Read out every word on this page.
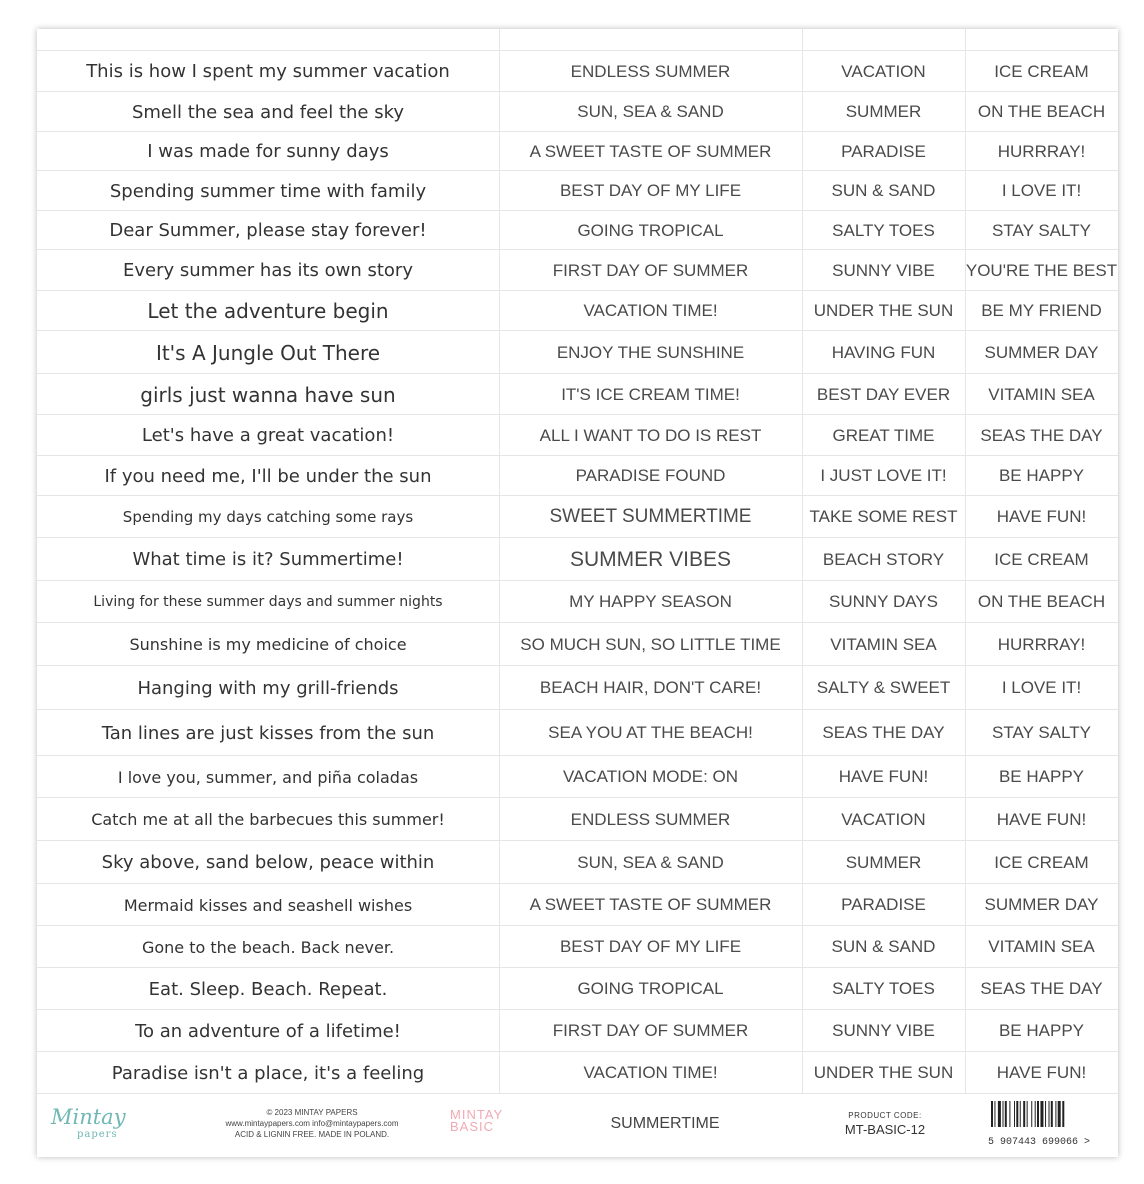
This is how I spent my summer vacation	ENDLESS SUMMER	VACATION	ICE CREAM
Smell the sea and feel the sky	SUN, SEA & SAND	SUMMER	ON THE BEACH
I was made for sunny days	A SWEET TASTE OF SUMMER	PARADISE	HURRRAY!
Spending summer time with family	BEST DAY OF MY LIFE	SUN & SAND	I LOVE IT!
Dear Summer, please stay forever!	GOING TROPICAL	SALTY TOES	STAY SALTY
Every summer has its own story	FIRST DAY OF SUMMER	SUNNY VIBE	YOU'RE THE BEST
Let the adventure begin	VACATION TIME!	UNDER THE SUN	BE MY FRIEND
It's A Jungle Out There	ENJOY THE SUNSHINE	HAVING FUN	SUMMER DAY
girls just wanna have sun	IT'S ICE CREAM TIME!	BEST DAY EVER	VITAMIN SEA
Let's have a great vacation!	ALL I WANT TO DO IS REST	GREAT TIME	SEAS THE DAY
If you need me, I'll be under the sun	PARADISE FOUND	I JUST LOVE IT!	BE HAPPY
Spending my days catching some rays	SWEET SUMMERTIME	TAKE SOME REST	HAVE FUN!
What time is it? Summertime!	SUMMER VIBES	BEACH STORY	ICE CREAM
Living for these summer days and summer nights	MY HAPPY SEASON	SUNNY DAYS	ON THE BEACH
Sunshine is my medicine of choice	SO MUCH SUN, SO LITTLE TIME	VITAMIN SEA	HURRRAY!
Hanging with my grill-friends	BEACH HAIR, DON'T CARE!	SALTY & SWEET	I LOVE IT!
Tan lines are just kisses from the sun	SEA YOU AT THE BEACH!	SEAS THE DAY	STAY SALTY
I love you, summer, and piña coladas	VACATION MODE: ON	HAVE FUN!	BE HAPPY
Catch me at all the barbecues this summer!	ENDLESS SUMMER	VACATION	HAVE FUN!
Sky above, sand below, peace within	SUN, SEA & SAND	SUMMER	ICE CREAM
Mermaid kisses and seashell wishes	A SWEET TASTE OF SUMMER	PARADISE	SUMMER DAY
Gone to the beach. Back never.	BEST DAY OF MY LIFE	SUN & SAND	VITAMIN SEA
Eat. Sleep. Beach. Repeat.	GOING TROPICAL	SALTY TOES	SEAS THE DAY
To an adventure of a lifetime!	FIRST DAY OF SUMMER	SUNNY VIBE	BE HAPPY
Paradise isn't a place, it's a feeling	VACATION TIME!	UNDER THE SUN	HAVE FUN!
Mintay
papers
© 2023 MINTAY PAPERS
www.mintaypapers.com info@mintaypapers.com
ACID & LIGNIN FREE. MADE IN POLAND.
MINTAY
BASIC	SUMMERTIME	PRODUCT CODE:
MT-BASIC-12
5 907443 699066 >
